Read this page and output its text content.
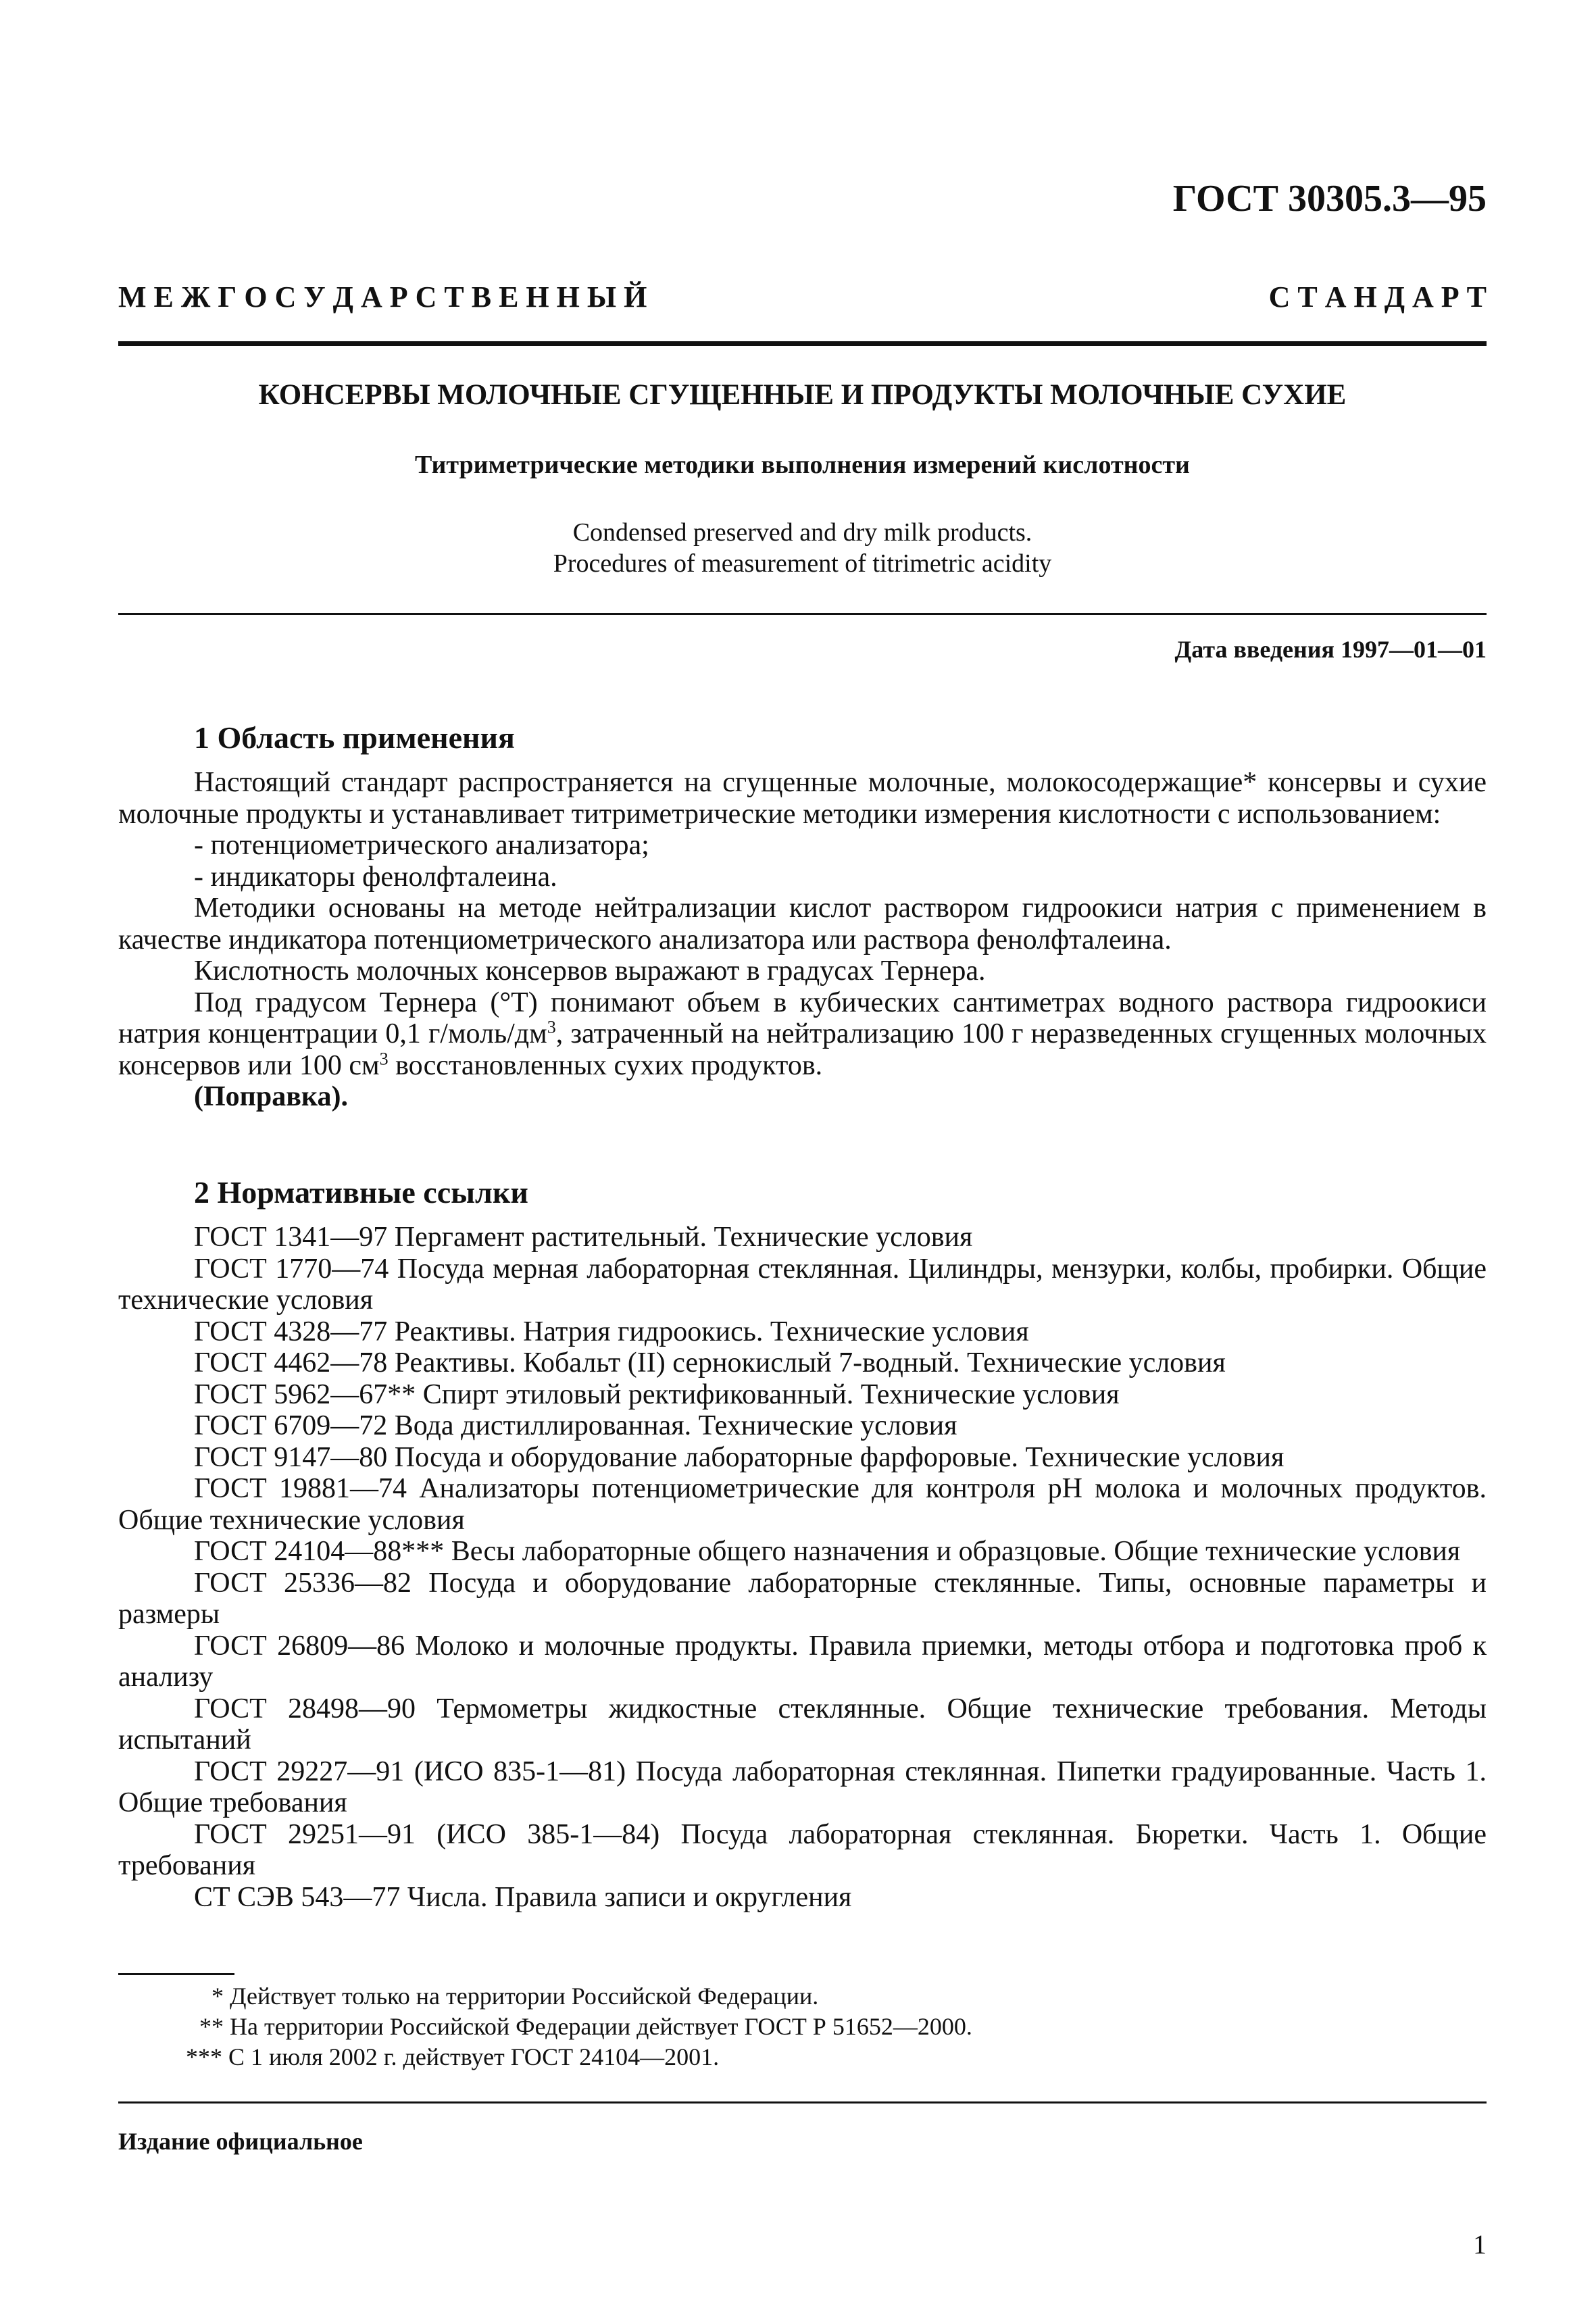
ГОСТ 30305.3—95
М Е Ж Г О С У Д А Р С Т В Е Н Н Ы Й	С Т А Н Д А Р Т
КОНСЕРВЫ МОЛОЧНЫЕ СГУЩЕННЫЕ И ПРОДУКТЫ МОЛОЧНЫЕ СУХИЕ
Титриметрические методики выполнения измерений кислотности
Condensed preserved and dry milk products.
Procedures of measurement of titrimetric acidity
Дата введения 1997—01—01
1 Область применения

Настоящий стандарт распространяется на сгущенные молочные, молокосодержащие* консервы и сухие молочные продукты и устанавливает титриметрические методики измерения кислотности с использованием:

- потенциометрического анализатора;

- индикаторы фенолфталеина.

Методики основаны на методе нейтрализации кислот раствором гидроокиси натрия с применением в качестве индикатора потенциометрического анализатора или раствора фенолфталеина.

Кислотность молочных консервов выражают в градусах Тернера.

Под градусом Тернера (°Т) понимают объем в кубических сантиметрах водного раствора гидроокиси натрия концентрации 0,1 $г/моль/дм^3$, затраченный на нейтрализацию 100 г неразведенных сгущенных молочных консервов или 100 $см^3$ восстановленных сухих продуктов.

(Поправка).

2 Нормативные ссылки

ГОСТ 1341—97 Пергамент растительный. Технические условия

ГОСТ 1770—74 Посуда мерная лабораторная стеклянная. Цилиндры, мензурки, колбы, пробирки. Общие технические условия

ГОСТ 4328—77 Реактивы. Натрия гидроокись. Технические условия

ГОСТ 4462—78 Реактивы. Кобальт (II) сернокислый 7-водный. Технические условия

ГОСТ 5962—67** Спирт этиловый ректификованный. Технические условия

ГОСТ 6709—72 Вода дистиллированная. Технические условия

ГОСТ 9147—80 Посуда и оборудование лабораторные фарфоровые. Технические условия

ГОСТ 19881—74 Анализаторы потенциометрические для контроля pH молока и молочных продуктов. Общие технические условия

ГОСТ 24104—88*** Весы лабораторные общего назначения и образцовые. Общие технические условия

ГОСТ 25336—82 Посуда и оборудование лабораторные стеклянные. Типы, основные параметры и размеры

ГОСТ 26809—86 Молоко и молочные продукты. Правила приемки, методы отбора и подготовка проб к анализу

ГОСТ 28498—90 Термометры жидкостные стеклянные. Общие технические требования. Методы испытаний

ГОСТ 29227—91 (ИСО 835-1—81) Посуда лабораторная стеклянная. Пипетки градуированные. Часть 1. Общие требования

ГОСТ 29251—91 (ИСО 385-1—84) Посуда лабораторная стеклянная. Бюретки. Часть 1. Общие требования

СТ СЭВ 543—77 Числа. Правила записи и округления

* Действует только на территории Российской Федерации.
** На территории Российской Федерации действует ГОСТ Р 51652—2000.
*** С 1 июля 2002 г. действует ГОСТ 24104—2001.
Издание официальное
1
